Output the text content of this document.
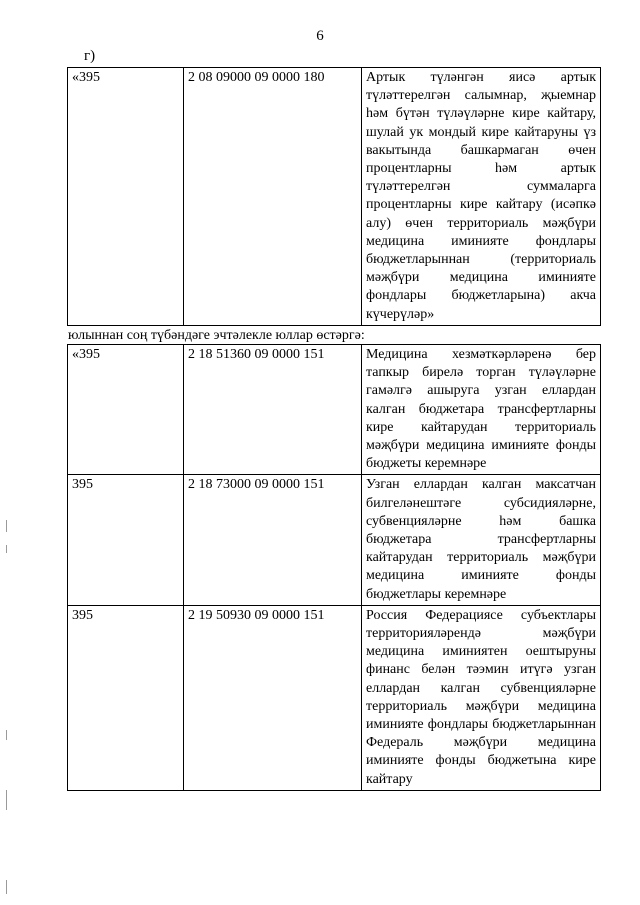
6
г)
«395	2 08 09000 09 0000 180	Артык түләнгән яисә артык түләттерелгән салымнар, җыемнар һәм бүтән түләүләрне кире кайтару, шулай ук мондый кире кайтаруны үз вакытында башкармаган өчен процентларны һәм артык түләттерелгән суммаларга процентларны кире кайтару (исәпкә алу) өчен территориаль мәҗбүри медицина иминияте фондлары бюджетларыннан (территориаль мәҗбүри медицина иминияте фондлары бюджетларына) акча күчерүләр»
юлыннан соң түбәндәге эчтәлекле юллар өстәргә:
«395	2 18 51360 09 0000 151	Медицина хезмәткәрләренә бер тапкыр бирелә торган түләүләрне гамәлгә ашыруга узган еллардан калган бюджетара трансфертларны кире кайтарудан территориаль мәҗбүри медицина иминияте фонды бюджеты керемнәре
395	2 18 73000 09 0000 151	Узган еллардан калган максатчан билгеләнештәге субсидияләрне, субвенцияләрне һәм башка бюджетара трансфертларны кайтарудан территориаль мәҗбүри медицина иминияте фонды бюджетлары керемнәре
395	2 19 50930 09 0000 151	Россия Федерациясе субъектлары территорияләрендә мәҗбүри медицина иминиятен оештыруны финанс белән тәэмин итүгә узган еллардан калган субвенцияләрне территориаль мәҗбүри медицина иминияте фондлары бюджетларыннан Федераль мәҗбүри медицина иминияте фонды бюджетына кире кайтару
